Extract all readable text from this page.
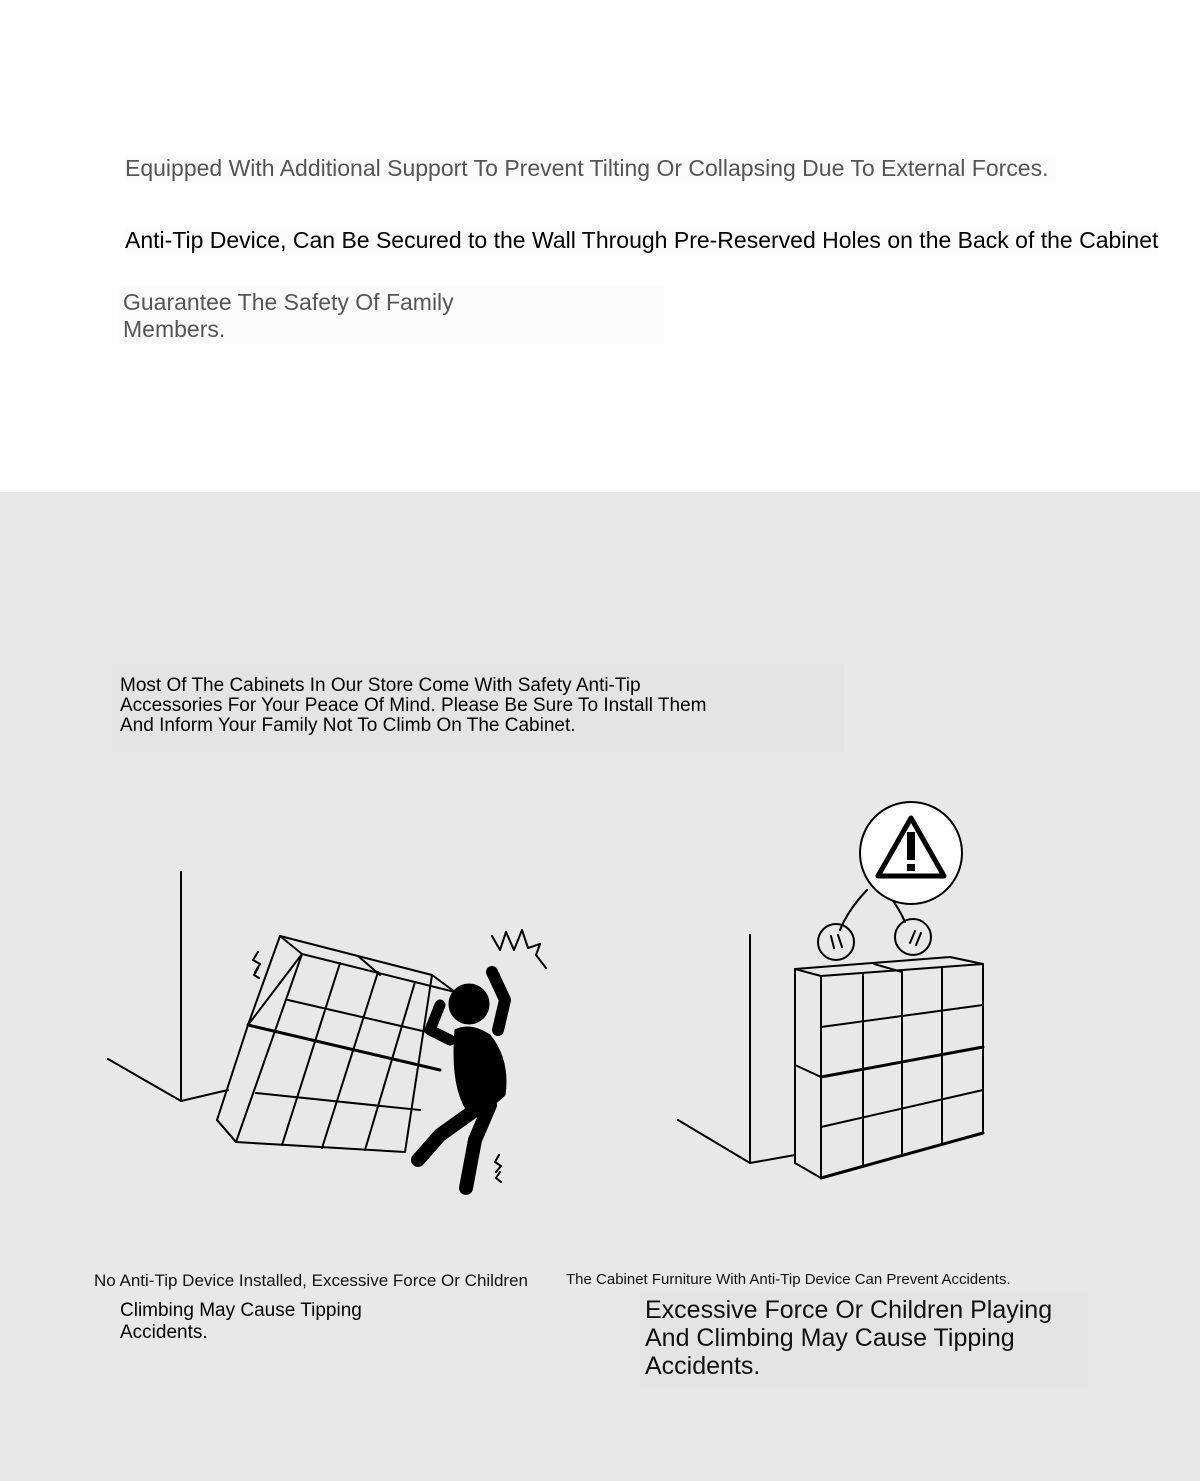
Equipped With Additional Support To Prevent Tilting Or Collapsing Due To External Forces.

Anti-Tip Device, Can Be Secured to the Wall Through Pre-Reserved Holes on the Back of the Cabinet

Guarantee The Safety Of Family Members.

Most Of The Cabinets In Our Store Come With Safety Anti-Tip Accessories For Your Peace Of Mind. Please Be Sure To Install Them And Inform Your Family Not To Climb On The Cabinet.

No Anti-Tip Device Installed, Excessive Force Or Children

Climbing May Cause Tipping Accidents.

The Cabinet Furniture With Anti-Tip Device Can Prevent Accidents.

Excessive Force Or Children Playing And Climbing May Cause Tipping Accidents.
